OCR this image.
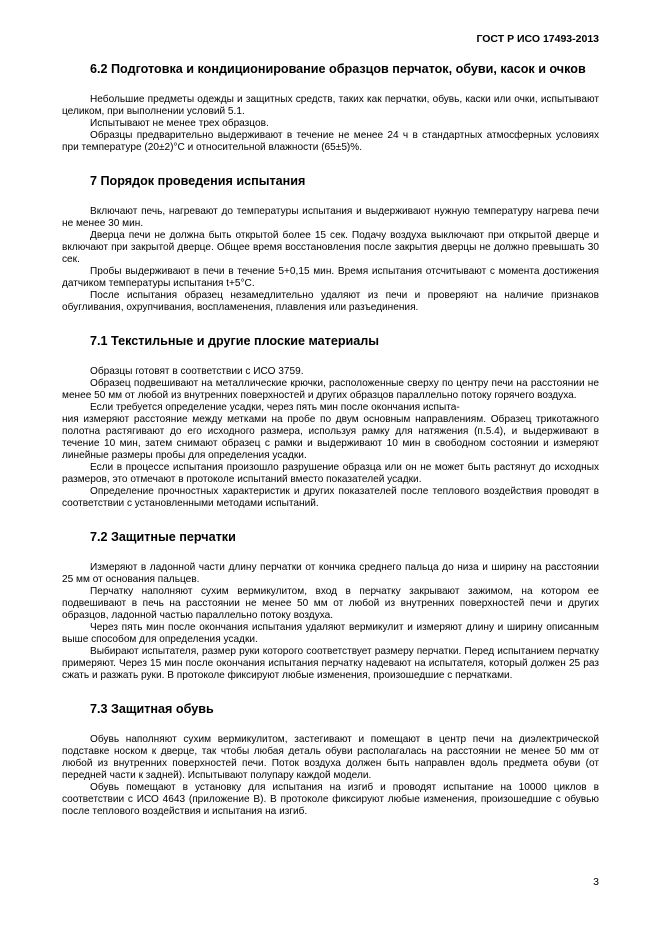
ГОСТ Р ИСО 17493-2013
6.2 Подготовка и кондиционирование образцов перчаток, обуви, касок и очков

Небольшие предметы одежды и защитных средств, таких как перчатки, обувь, каски или очки, испытывают целиком, при выполнении условий 5.1.

Испытывают не менее трех образцов.

Образцы предварительно выдерживают в течение не менее 24 ч в стандартных атмосферных условиях при температуре (20±2)°С и относительной влажности (65±5)%.

7 Порядок проведения испытания

Включают печь, нагревают до температуры испытания и выдерживают нужную температуру нагрева печи не менее 30 мин.

Дверца печи не должна быть открытой более 15 сек. Подачу воздуха выключают при открытой дверце и включают при закрытой дверце. Общее время восстановления после закрытия дверцы не должно превышать 30 сек.

Пробы выдерживают в печи в течение 5+0,15 мин. Время испытания отсчитывают с момента достижения датчиком температуры испытания t+5°С.

После испытания образец незамедлительно удаляют из печи и проверяют на наличие признаков обугливания, охрупчивания, воспламенения, плавления или разъединения.

7.1 Текстильные и другие плоские материалы

Образцы готовят в соответствии с ИСО 3759.

Образец подвешивают на металлические крючки, расположенные сверху по центру печи на расстоянии не менее 50 мм от любой из внутренних поверхностей и других образцов параллельно потоку горячего воздуха.

Если требуется определение усадки, через пять мин после окончания испыта-

ния измеряют расстояние между метками на пробе по двум основным направлениям. Образец трикотажного полотна растягивают до его исходного размера, используя рамку для натяжения (п.5.4), и выдерживают в течение 10 мин, затем снимают образец с рамки и выдерживают 10 мин в свободном состоянии и измеряют линейные размеры пробы для определения усадки.

Если в процессе испытания произошло разрушение образца или он не может быть растянут до исходных размеров, это отмечают в протоколе испытаний вместо показателей усадки.

Определение прочностных характеристик и других показателей после теплового воздействия проводят в соответствии с установленными методами испытаний.

7.2 Защитные перчатки

Измеряют в ладонной части длину перчатки от кончика среднего пальца до низа и ширину на расстоянии 25 мм от основания пальцев.

Перчатку наполняют сухим вермикулитом, вход в перчатку закрывают зажимом, на котором ее подвешивают в печь на расстоянии не менее 50 мм от любой из внутренних поверхностей печи и других образцов, ладонной частью параллельно потоку воздуха.

Через пять мин после окончания испытания удаляют вермикулит и измеряют длину и ширину описанным выше способом для определения усадки.

Выбирают испытателя, размер руки которого соответствует размеру перчатки. Перед испытанием перчатку примеряют. Через 15 мин после окончания испытания перчатку надевают на испытателя, который должен 25 раз сжать и разжать руки. В протоколе фиксируют любые изменения, произошедшие с перчатками.

7.3 Защитная обувь

Обувь наполняют сухим вермикулитом, застегивают и помещают в центр печи на диэлектрической подставке носком к дверце, так чтобы любая деталь обуви располагалась на расстоянии не менее 50 мм от любой из внутренних поверхностей печи. Поток воздуха должен быть направлен вдоль предмета обуви (от передней части к задней). Испытывают полупару каждой модели.

Обувь помещают в установку для испытания на изгиб и проводят испытание на 10000 циклов в соответствии с ИСО 4643 (приложение В). В протоколе фиксируют любые изменения, произошедшие с обувью после теплового воздействия и испытания на изгиб.

3
